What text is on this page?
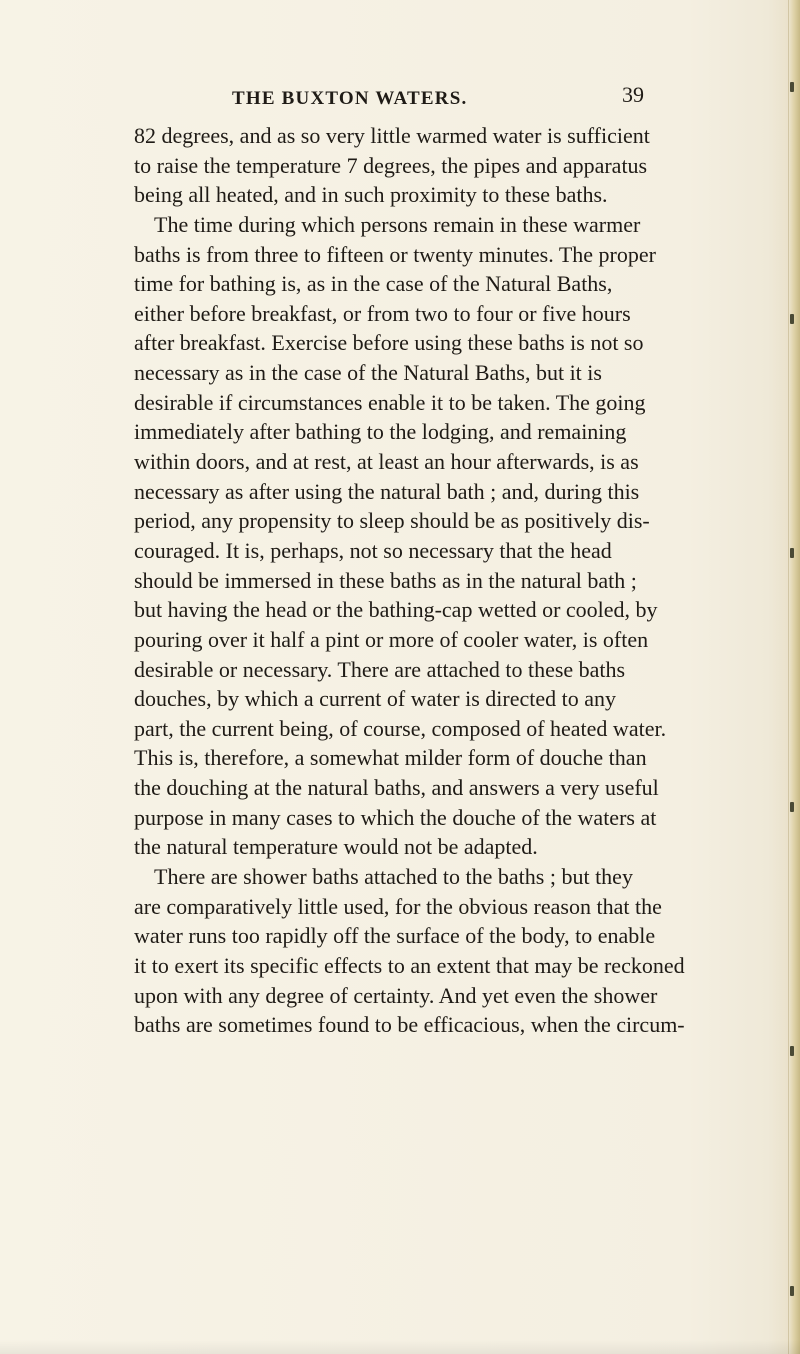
THE BUXTON WATERS.	39
82 degrees, and as so very little warmed water is sufficient
to raise the temperature 7 degrees, the pipes and apparatus
being all heated, and in such proximity to these baths.
The time during which persons remain in these warmer
baths is from three to fifteen or twenty minutes. The proper
time for bathing is, as in the case of the Natural Baths,
either before breakfast, or from two to four or five hours
after breakfast. Exercise before using these baths is not so
necessary as in the case of the Natural Baths, but it is
desirable if circumstances enable it to be taken. The going
immediately after bathing to the lodging, and remaining
within doors, and at rest, at least an hour afterwards, is as
necessary as after using the natural bath ; and, during this
period, any propensity to sleep should be as positively dis-
couraged. It is, perhaps, not so necessary that the head
should be immersed in these baths as in the natural bath ;
but having the head or the bathing-cap wetted or cooled, by
pouring over it half a pint or more of cooler water, is often
desirable or necessary. There are attached to these baths
douches, by which a current of water is directed to any
part, the current being, of course, composed of heated water.
This is, therefore, a somewhat milder form of douche than
the douching at the natural baths, and answers a very useful
purpose in many cases to which the douche of the waters at
the natural temperature would not be adapted.
There are shower baths attached to the baths ; but they
are comparatively little used, for the obvious reason that the
water runs too rapidly off the surface of the body, to enable
it to exert its specific effects to an extent that may be reckoned
upon with any degree of certainty. And yet even the shower
baths are sometimes found to be efficacious, when the circum-
